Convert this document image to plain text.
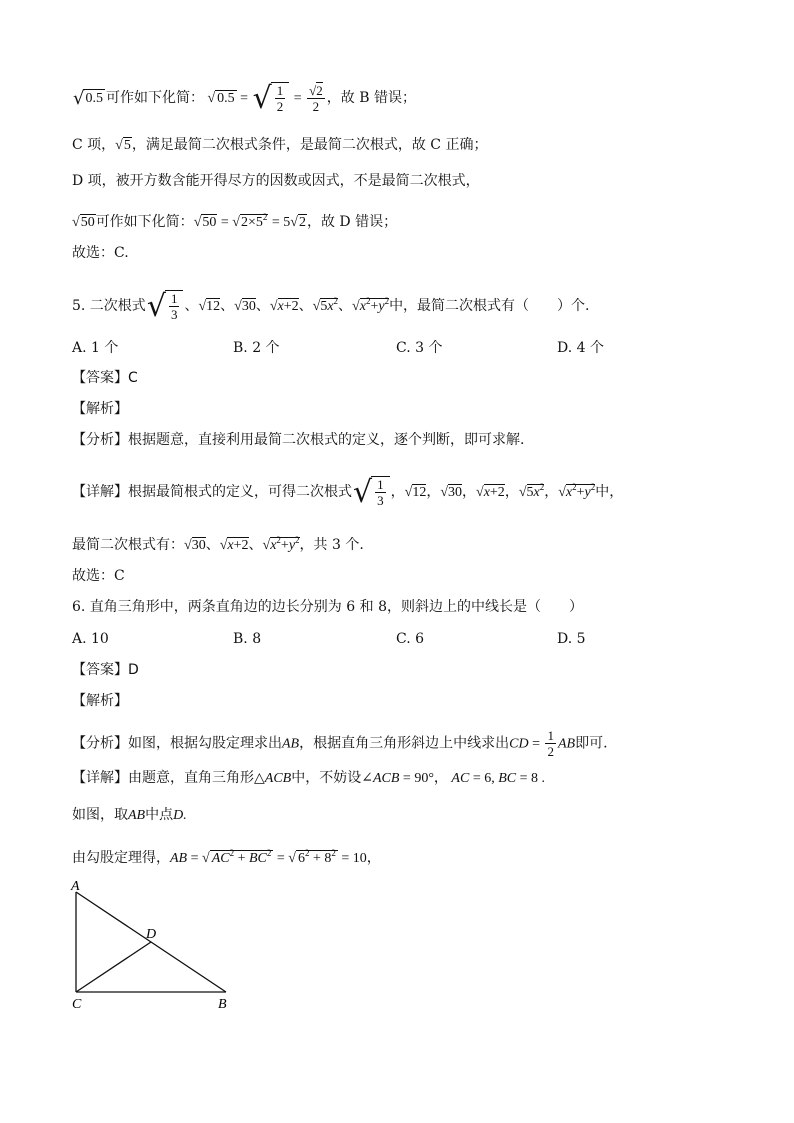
√ 0.5 可作如下化简： √ 0.5 = √ $\frac{1}{2} = \frac{√2}{2}$ ，故 B 错误；
C 项，√5，满足最简二次根式条件，是最简二次根式，故 C 正确；
D 项，被开方数含能开得尽方的因数或因式，不是最简二次根式，
√50可作如下化简：$√50 = √2\times 5^2 = 5√2$，故 D 错误；
故选：C.
5. 二次根式 √ $\frac{1}{3}$ 、√12、√30、√x+2、$√5x^2$、$√x^2+y^2$中，最简二次根式有（　　）个.
A. 1 个	B. 2 个	C. 3 个	D. 4 个
【答案】C
【解析】
【分析】根据题意，直接利用最简二次根式的定义，逐个判断，即可求解.
【详解】根据最简根式的定义，可得二次根式 √ $\frac{1}{3}$ ，√12，√30，√x+2，$√5x^2$，$√x^2+y^2$中，
最简二次根式有：√30、√x+2、$√x^2+y^2$，共 3 个.
故选：C
6. 直角三角形中，两条直角边的边长分别为 6 和 8，则斜边上的中线长是（　　）
A. 10	B. 8	C. 6	D. 5
【答案】D
【解析】
【分析】如图，根据勾股定理求出AB，根据直角三角形斜边上中线求出CD = $\frac{1}{2}$ AB即可.
【详解】由题意，直角三角形△ACB中，不妨设∠ACB = 90°， AC = 6, BC = 8 .
如图，取AB中点D.
由勾股定理得，AB = √ $AC^2 + BC^2$ = √ $6^2 + 8^2 = 10$，
A
D
C	B
